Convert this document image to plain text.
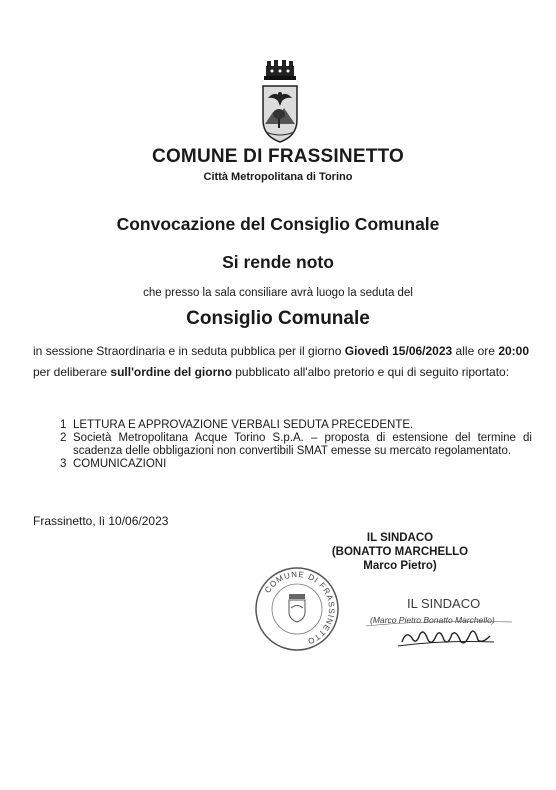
COMUNE DI FRASSINETTO
Città Metropolitana di Torino
Convocazione del Consiglio Comunale
Si rende noto
che presso la sala consiliare avrà luogo la seduta del
Consiglio Comunale
in sessione Straordinaria e in seduta pubblica per il giorno Giovedì 15/06/2023 alle ore 20:00 per deliberare sull'ordine del giorno pubblicato all'albo pretorio e qui di seguito riportato:
1 LETTURA E APPROVAZIONE VERBALI SEDUTA PRECEDENTE.
2 Società Metropolitana Acque Torino S.p.A. – proposta di estensione del termine di scadenza delle obbligazioni non convertibili SMAT emesse su mercato regolamentato.
3 COMUNICAZIONI
Frassinetto, lì 10/06/2023
IL SINDACO
(BONATTO MARCHELLO Marco Pietro)
COMUNE DI FRASSINETTO
IL SINDACO
(Marco Pietro Bonatto Marchello)
